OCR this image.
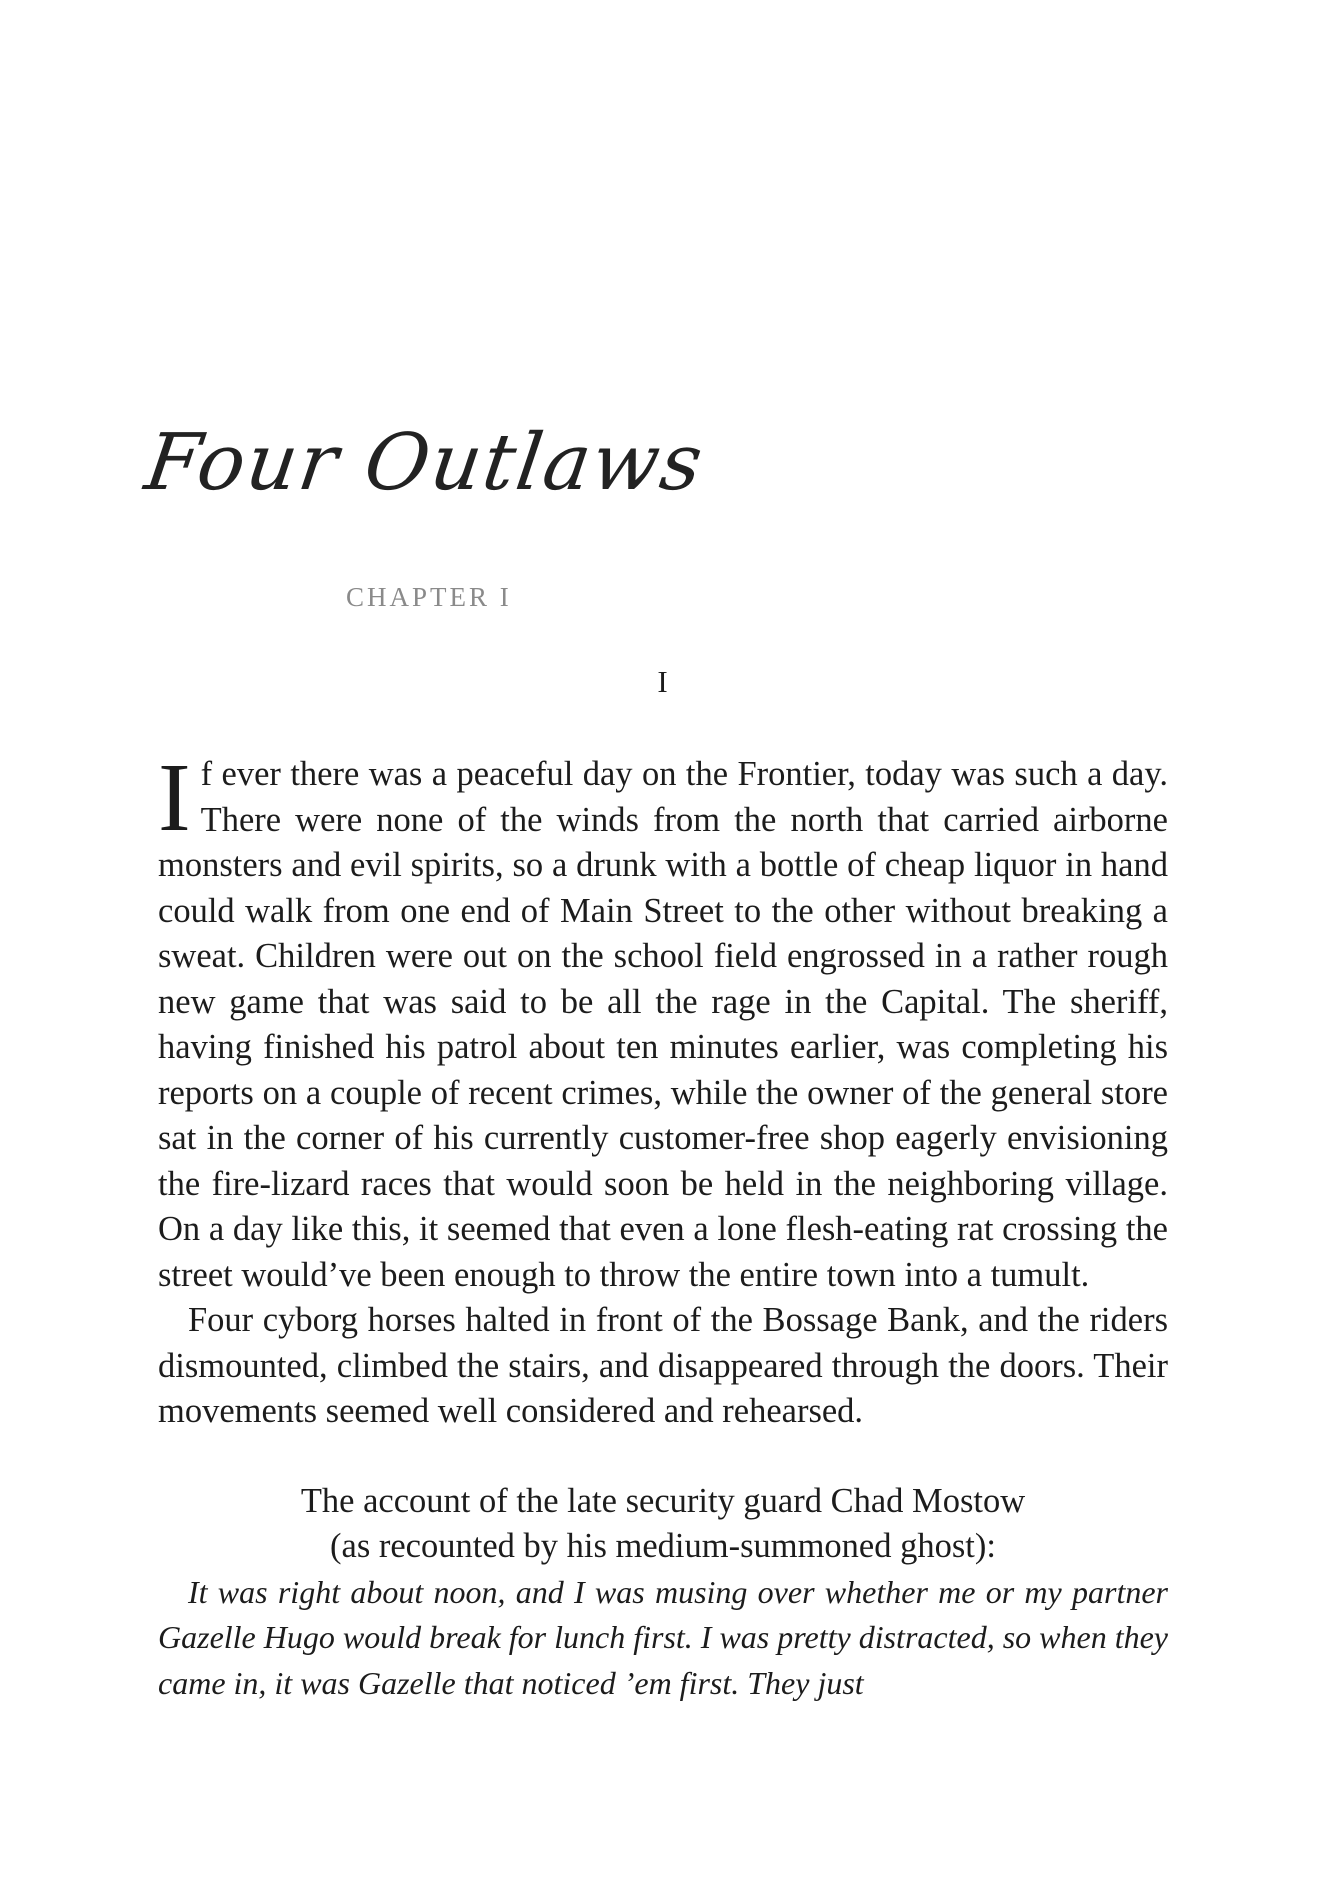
Four Outlaws
CHAPTER I
I

If ever there was a peaceful day on the Frontier, today was such a day. There were none of the winds from the north that carried airborne monsters and evil spirits, so a drunk with a bottle of cheap liquor in hand could walk from one end of Main Street to the other without breaking a sweat. Children were out on the school field engrossed in a rather rough new game that was said to be all the rage in the Capital. The sheriff, having finished his patrol about ten minutes earlier, was completing his reports on a couple of recent crimes, while the owner of the general store sat in the corner of his currently customer-free shop eagerly envisioning the fire-lizard races that would soon be held in the neighboring village. On a day like this, it seemed that even a lone flesh-eating rat crossing the street would’ve been enough to throw the entire town into a tumult.

Four cyborg horses halted in front of the Bossage Bank, and the riders dismounted, climbed the stairs, and disappeared through the doors. Their movements seemed well considered and rehearsed.

The account of the late security guard Chad Mostow
(as recounted by his medium-summoned ghost):

It was right about noon, and I was musing over whether me or my partner Gazelle Hugo would break for lunch first. I was pretty distracted, so when they came in, it was Gazelle that noticed ’em first. They just
